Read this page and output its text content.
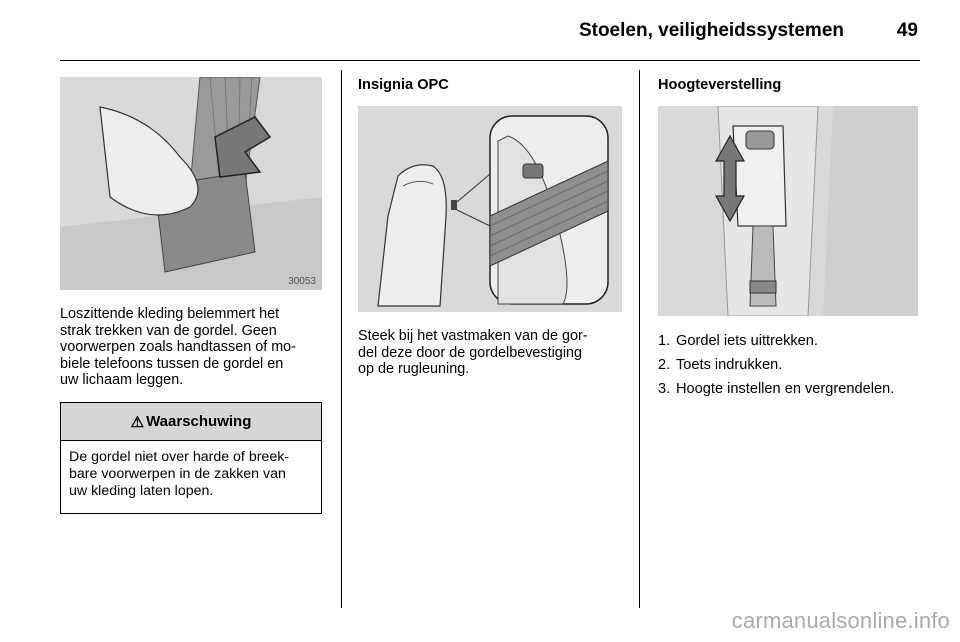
Stoelen, veiligheidssystemen	49
30053
Loszittende kleding belemmert het
strak trekken van de gordel. Geen
voorwerpen zoals handtassen of mo-
biele telefoons tussen de gordel en
uw lichaam leggen.
⚠ Waarschuwing
De gordel niet over harde of breek-
bare voorwerpen in de zakken van
uw kleding laten lopen.
Insignia OPC
Steek bij het vastmaken van de gor-
del deze door de gordelbevestiging
op de rugleuning.
Hoogteverstelling
1. Gordel iets uittrekken.
2. Toets indrukken.
3. Hoogte instellen en vergrendelen.
carmanualsonline.info
